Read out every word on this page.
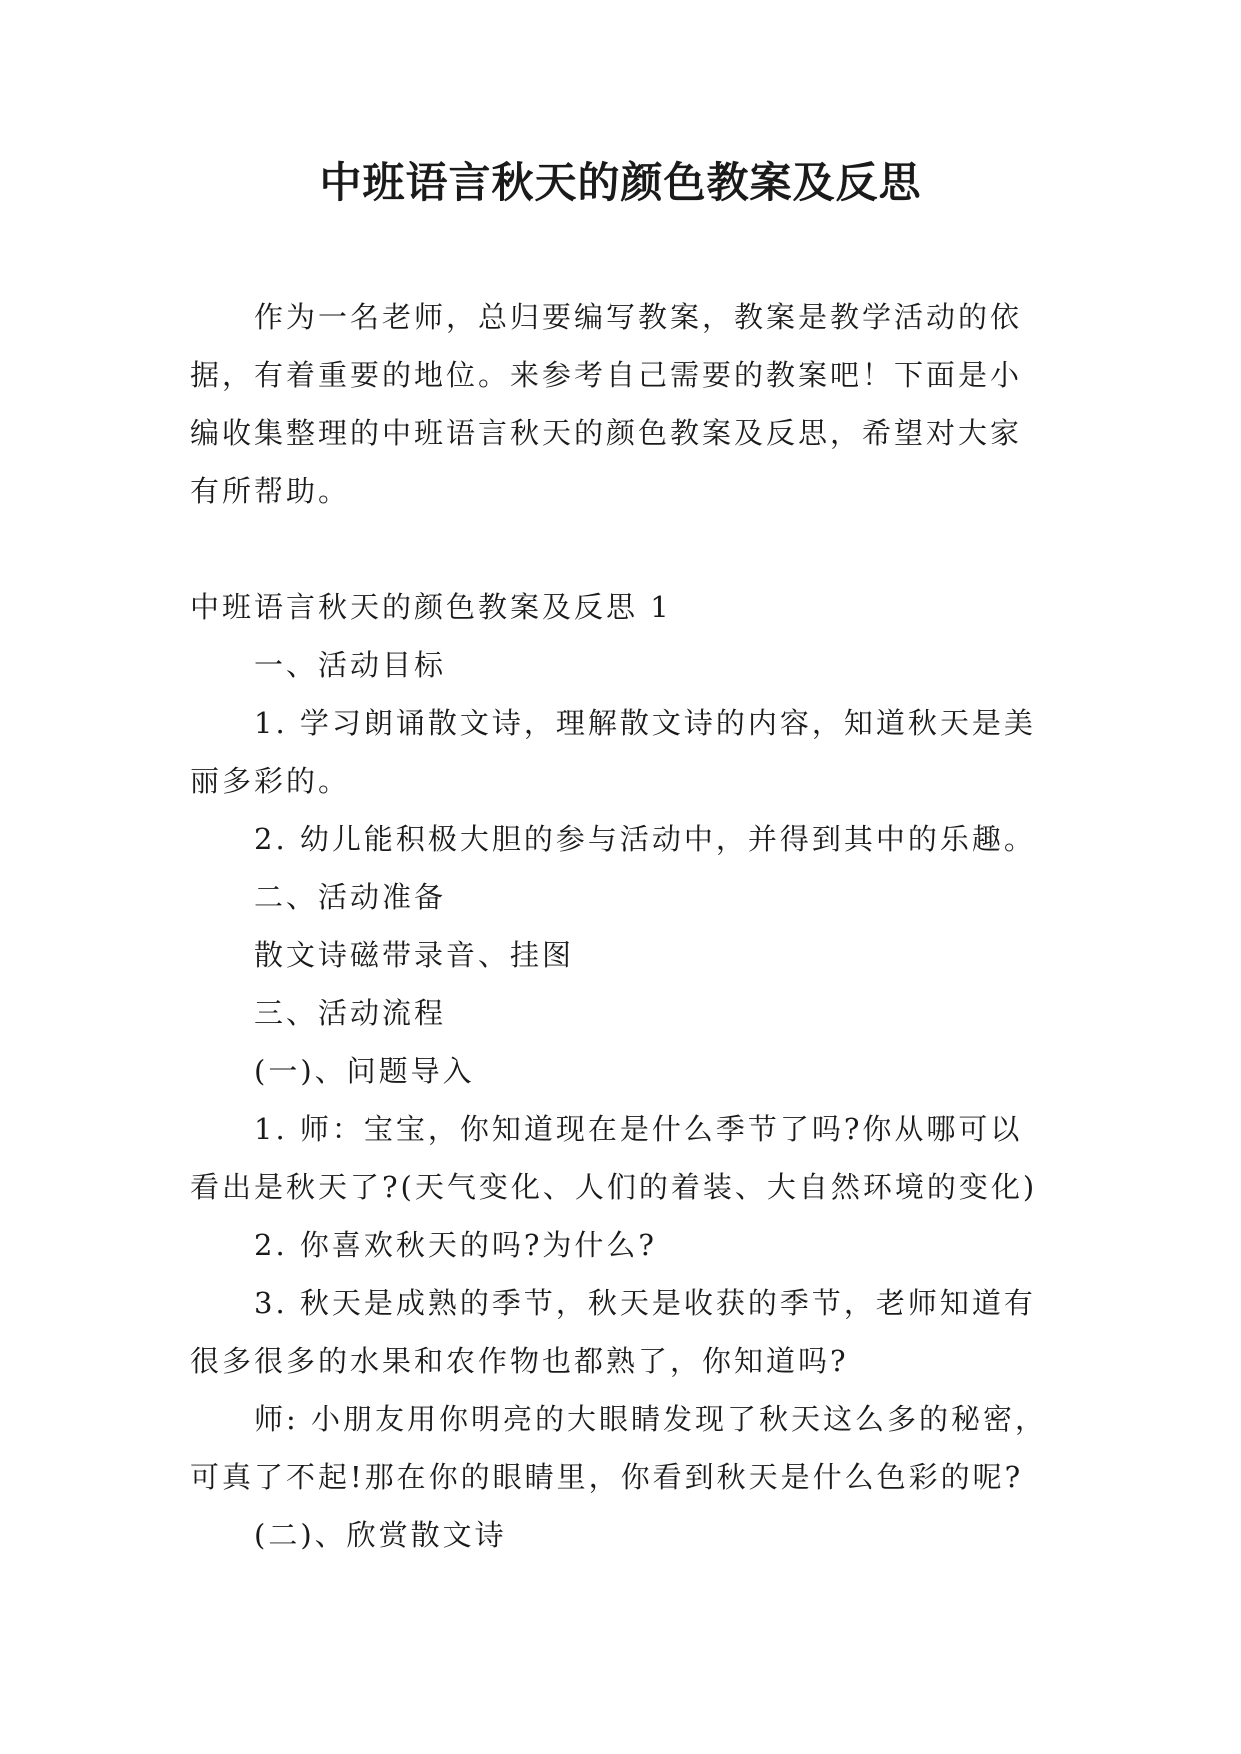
中班语言秋天的颜色教案及反思

作为一名老师，总归要编写教案，教案是教学活动的依据，有着重要的地位。来参考自己需要的教案吧！下面是小编收集整理的中班语言秋天的颜色教案及反思，希望对大家有所帮助。

中班语言秋天的颜色教案及反思 1

一、活动目标

1. 学习朗诵散文诗，理解散文诗的内容，知道秋天是美丽多彩的。

2. 幼儿能积极大胆的参与活动中，并得到其中的乐趣。

二、活动准备

散文诗磁带录音、挂图

三、活动流程

(一)、问题导入

1. 师：宝宝，你知道现在是什么季节了吗?你从哪可以看出是秋天了?(天气变化、人们的着装、大自然环境的变化)

2. 你喜欢秋天的吗?为什么?

3. 秋天是成熟的季节，秋天是收获的季节，老师知道有很多很多的水果和农作物也都熟了，你知道吗?

师: 小朋友用你明亮的大眼睛发现了秋天这么多的秘密，可真了不起!那在你的眼睛里，你看到秋天是什么色彩的呢?

(二)、欣赏散文诗
